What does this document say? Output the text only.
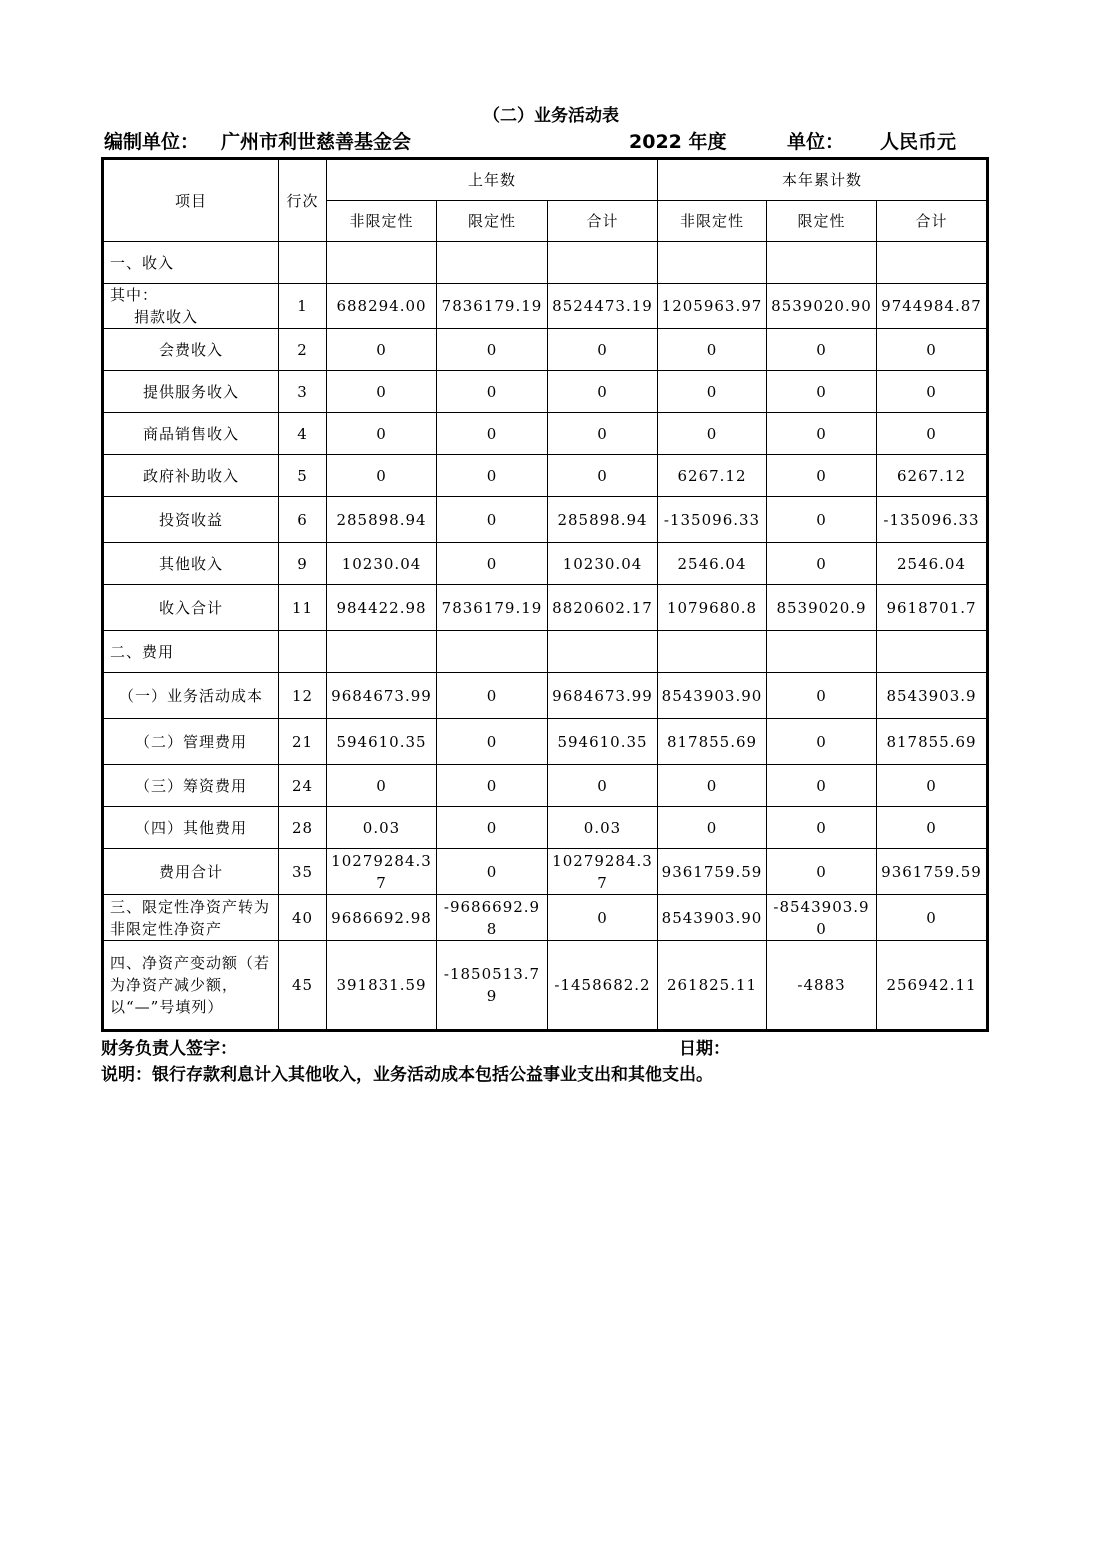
（二）业务活动表
编制单位： 广州市利世慈善基金会	2022 年度	单位： 人民币元
项目	行次	上年数			本年累计数		
		非限定性	限定性	合计	非限定性	限定性	合计
一、收入							

其中：
捐款收入	1	688294.00	7836179.19	8524473.19	1205963.97	8539020.90	9744984.87
会费收入	2	0	0	0	0	0	0
提供服务收入	3	0	0	0	0	0	0
商品销售收入	4	0	0	0	0	0	0
政府补助收入	5	0	0	0	6267.12	0	6267.12
投资收益	6	285898.94	0	285898.94	-135096.33	0	-135096.33
其他收入	9	10230.04	0	10230.04	2546.04	0	2546.04
收入合计	11	984422.98	7836179.19	8820602.17	1079680.8	8539020.9	9618701.7
二、费用							
（一）业务活动成本	12	9684673.99	0	9684673.99	8543903.90	0	8543903.9
（二）管理费用	21	594610.35	0	594610.35	817855.69	0	817855.69
（三）筹资费用	24	0	0	0	0	0	0
（四）其他费用	28	0.03	0	0.03	0	0	0
费用合计	35	10279284.37	0	10279284.37	9361759.59	0	9361759.59
三、限定性净资产转为非限定性净资产	40	9686692.98	-9686692.98	0	8543903.90	-8543903.90	0
四、净资产变动额（若为净资产减少额，以“—”号填列）	45	391831.59	-1850513.79	-1458682.2	261825.11	-4883	256942.11
财务负责人签字：	日期：
说明：银行存款利息计入其他收入，业务活动成本包括公益事业支出和其他支出。
